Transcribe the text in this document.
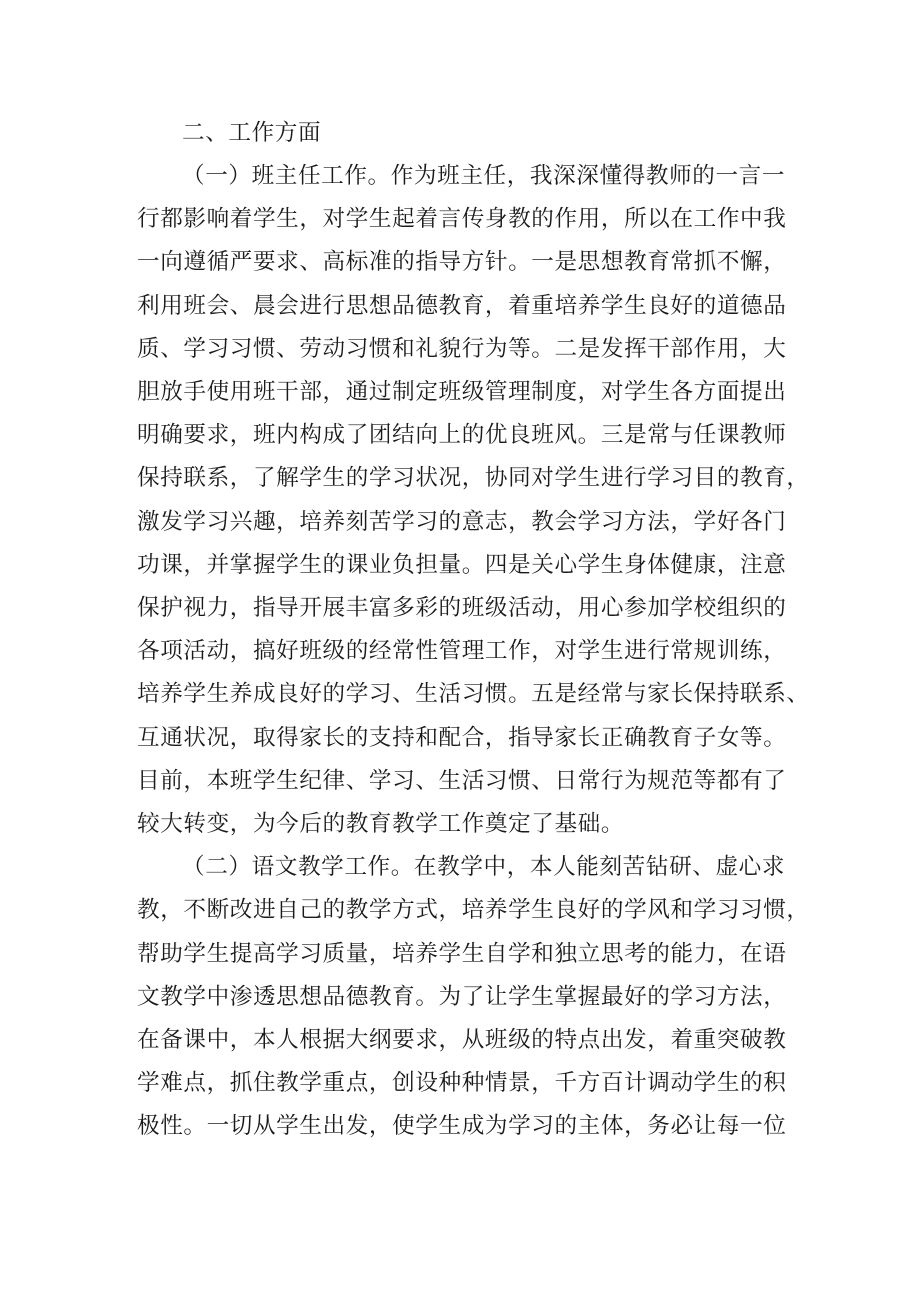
二、工作方面
（一）班主任工作。作为班主任，我深深懂得教师的一言一
行都影响着学生，对学生起着言传身教的作用，所以在工作中我
一向遵循严要求、高标准的指导方针。一是思想教育常抓不懈，
利用班会、晨会进行思想品德教育，着重培养学生良好的道德品
质、学习习惯、劳动习惯和礼貌行为等。二是发挥干部作用，大
胆放手使用班干部，通过制定班级管理制度，对学生各方面提出
明确要求，班内构成了团结向上的优良班风。三是常与任课教师
保持联系，了解学生的学习状况，协同对学生进行学习目的教育，
激发学习兴趣，培养刻苦学习的意志，教会学习方法，学好各门
功课，并掌握学生的课业负担量。四是关心学生身体健康，注意
保护视力，指导开展丰富多彩的班级活动，用心参加学校组织的
各项活动，搞好班级的经常性管理工作，对学生进行常规训练，
培养学生养成良好的学习、生活习惯。五是经常与家长保持联系、
互通状况，取得家长的支持和配合，指导家长正确教育子女等。
目前，本班学生纪律、学习、生活习惯、日常行为规范等都有了
较大转变，为今后的教育教学工作奠定了基础。
（二）语文教学工作。在教学中，本人能刻苦钻研、虚心求
教，不断改进自己的教学方式，培养学生良好的学风和学习习惯，
帮助学生提高学习质量，培养学生自学和独立思考的能力，在语
文教学中渗透思想品德教育。为了让学生掌握最好的学习方法，
在备课中，本人根据大纲要求，从班级的特点出发，着重突破教
学难点，抓住教学重点，创设种种情景，千方百计调动学生的积
极性。一切从学生出发，使学生成为学习的主体，务必让每一位
